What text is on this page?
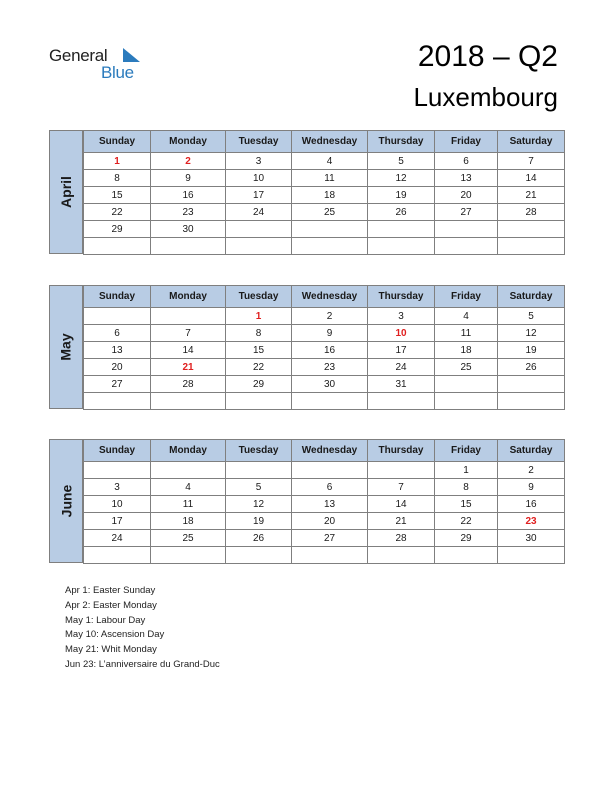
General
Blue	2018 – Q2
Luxembourg
April
Sunday	Monday	Tuesday	Wednesday	Thursday	Friday	Saturday
1	2	3	4	5	6	7
8	9	10	11	12	13	14
15	16	17	18	19	20	21
22	23	24	25	26	27	28
29	30					

May
Sunday	Monday	Tuesday	Wednesday	Thursday	Friday	Saturday
		1	2	3	4	5
6	7	8	9	10	11	12
13	14	15	16	17	18	19
20	21	22	23	24	25	26
27	28	29	30	31		

June
Sunday	Monday	Tuesday	Wednesday	Thursday	Friday	Saturday
					1	2
3	4	5	6	7	8	9
10	11	12	13	14	15	16
17	18	19	20	21	22	23
24	25	26	27	28	29	30

Apr 1: Easter Sunday
Apr 2: Easter Monday
May 1: Labour Day
May 10: Ascension Day
May 21: Whit Monday
Jun 23: L’anniversaire du Grand-Duc
